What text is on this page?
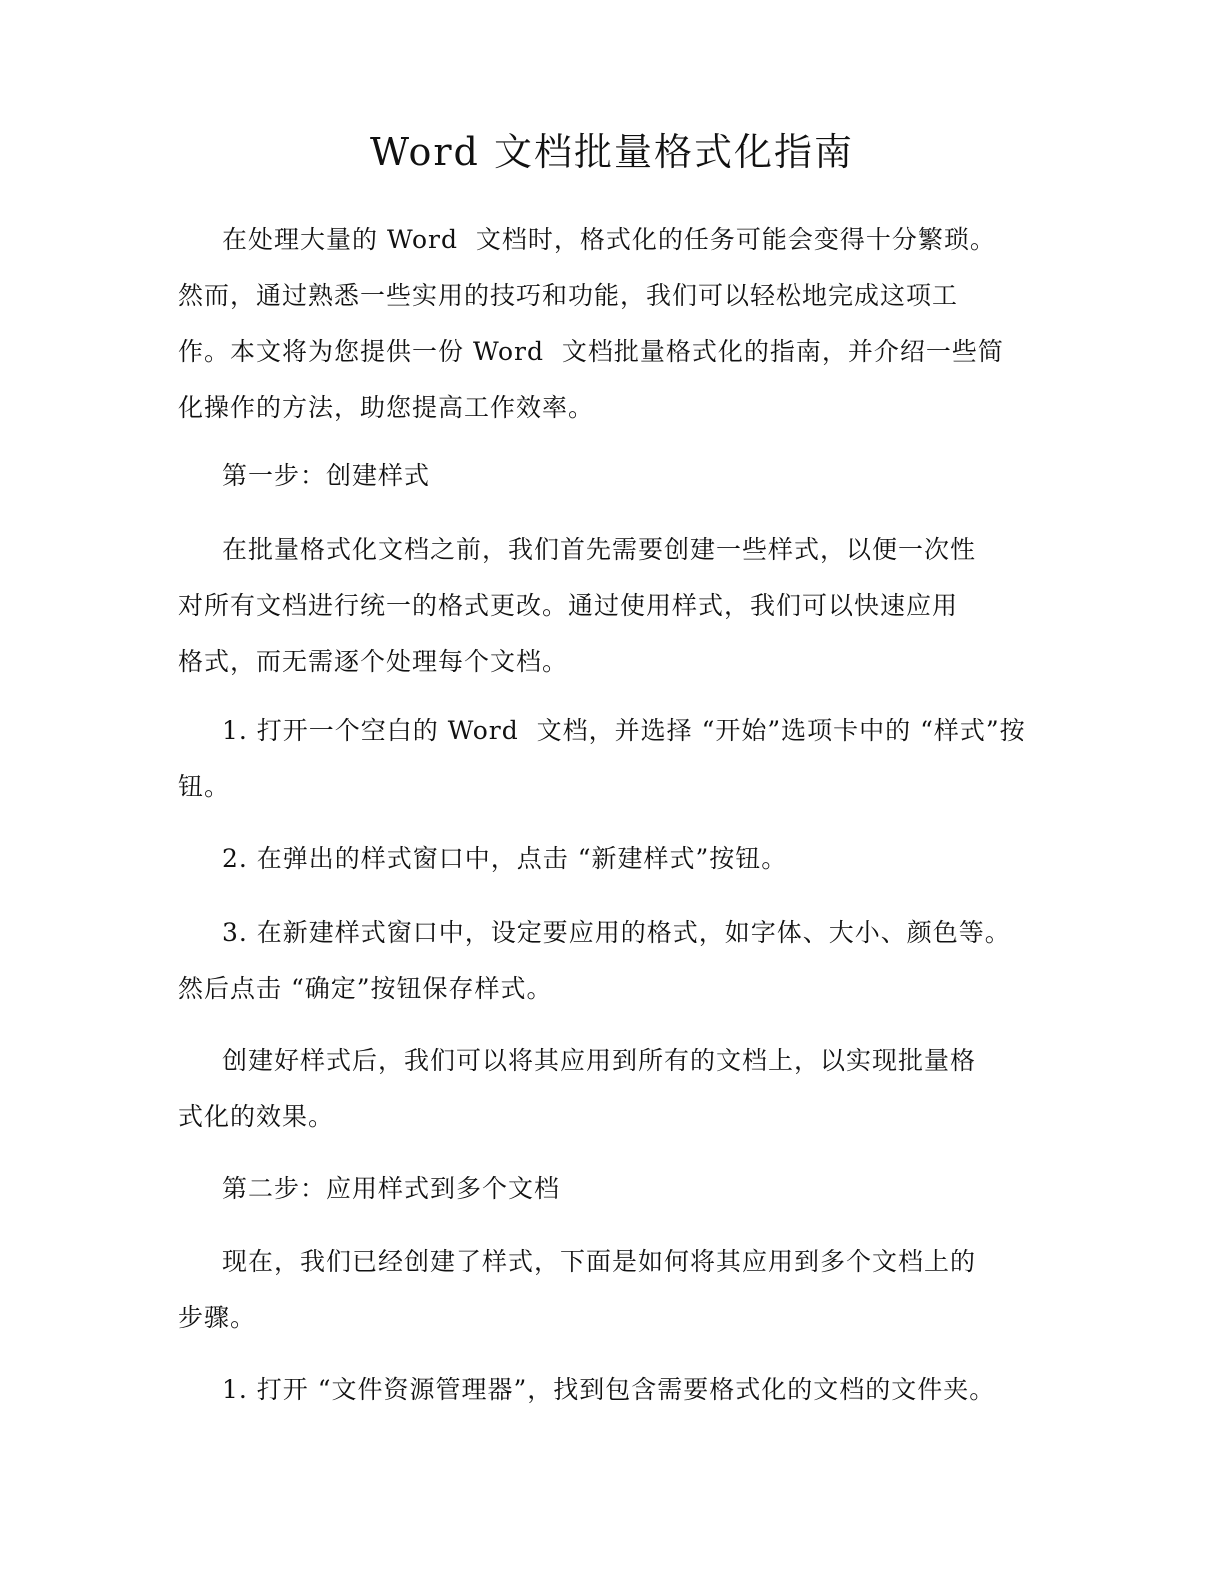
Word 文档批量格式化指南

在处理大量的 Word  文档时，格式化的任务可能会变得十分繁琐。
然而，通过熟悉一些实用的技巧和功能，我们可以轻松地完成这项工
作。本文将为您提供一份 Word  文档批量格式化的指南，并介绍一些简
化操作的方法，助您提高工作效率。

第一步：创建样式

在批量格式化文档之前，我们首先需要创建一些样式，以便一次性
对所有文档进行统一的格式更改。通过使用样式，我们可以快速应用
格式，而无需逐个处理每个文档。

1. 打开一个空白的 Word  文档，并选择 “开始”选项卡中的 “样式”按
钮。

2. 在弹出的样式窗口中，点击 “新建样式”按钮。

3. 在新建样式窗口中，设定要应用的格式，如字体、大小、颜色等。
然后点击 “确定”按钮保存样式。

创建好样式后，我们可以将其应用到所有的文档上，以实现批量格
式化的效果。

第二步：应用样式到多个文档

现在，我们已经创建了样式，下面是如何将其应用到多个文档上的
步骤。

1. 打开 “文件资源管理器”，找到包含需要格式化的文档的文件夹。
